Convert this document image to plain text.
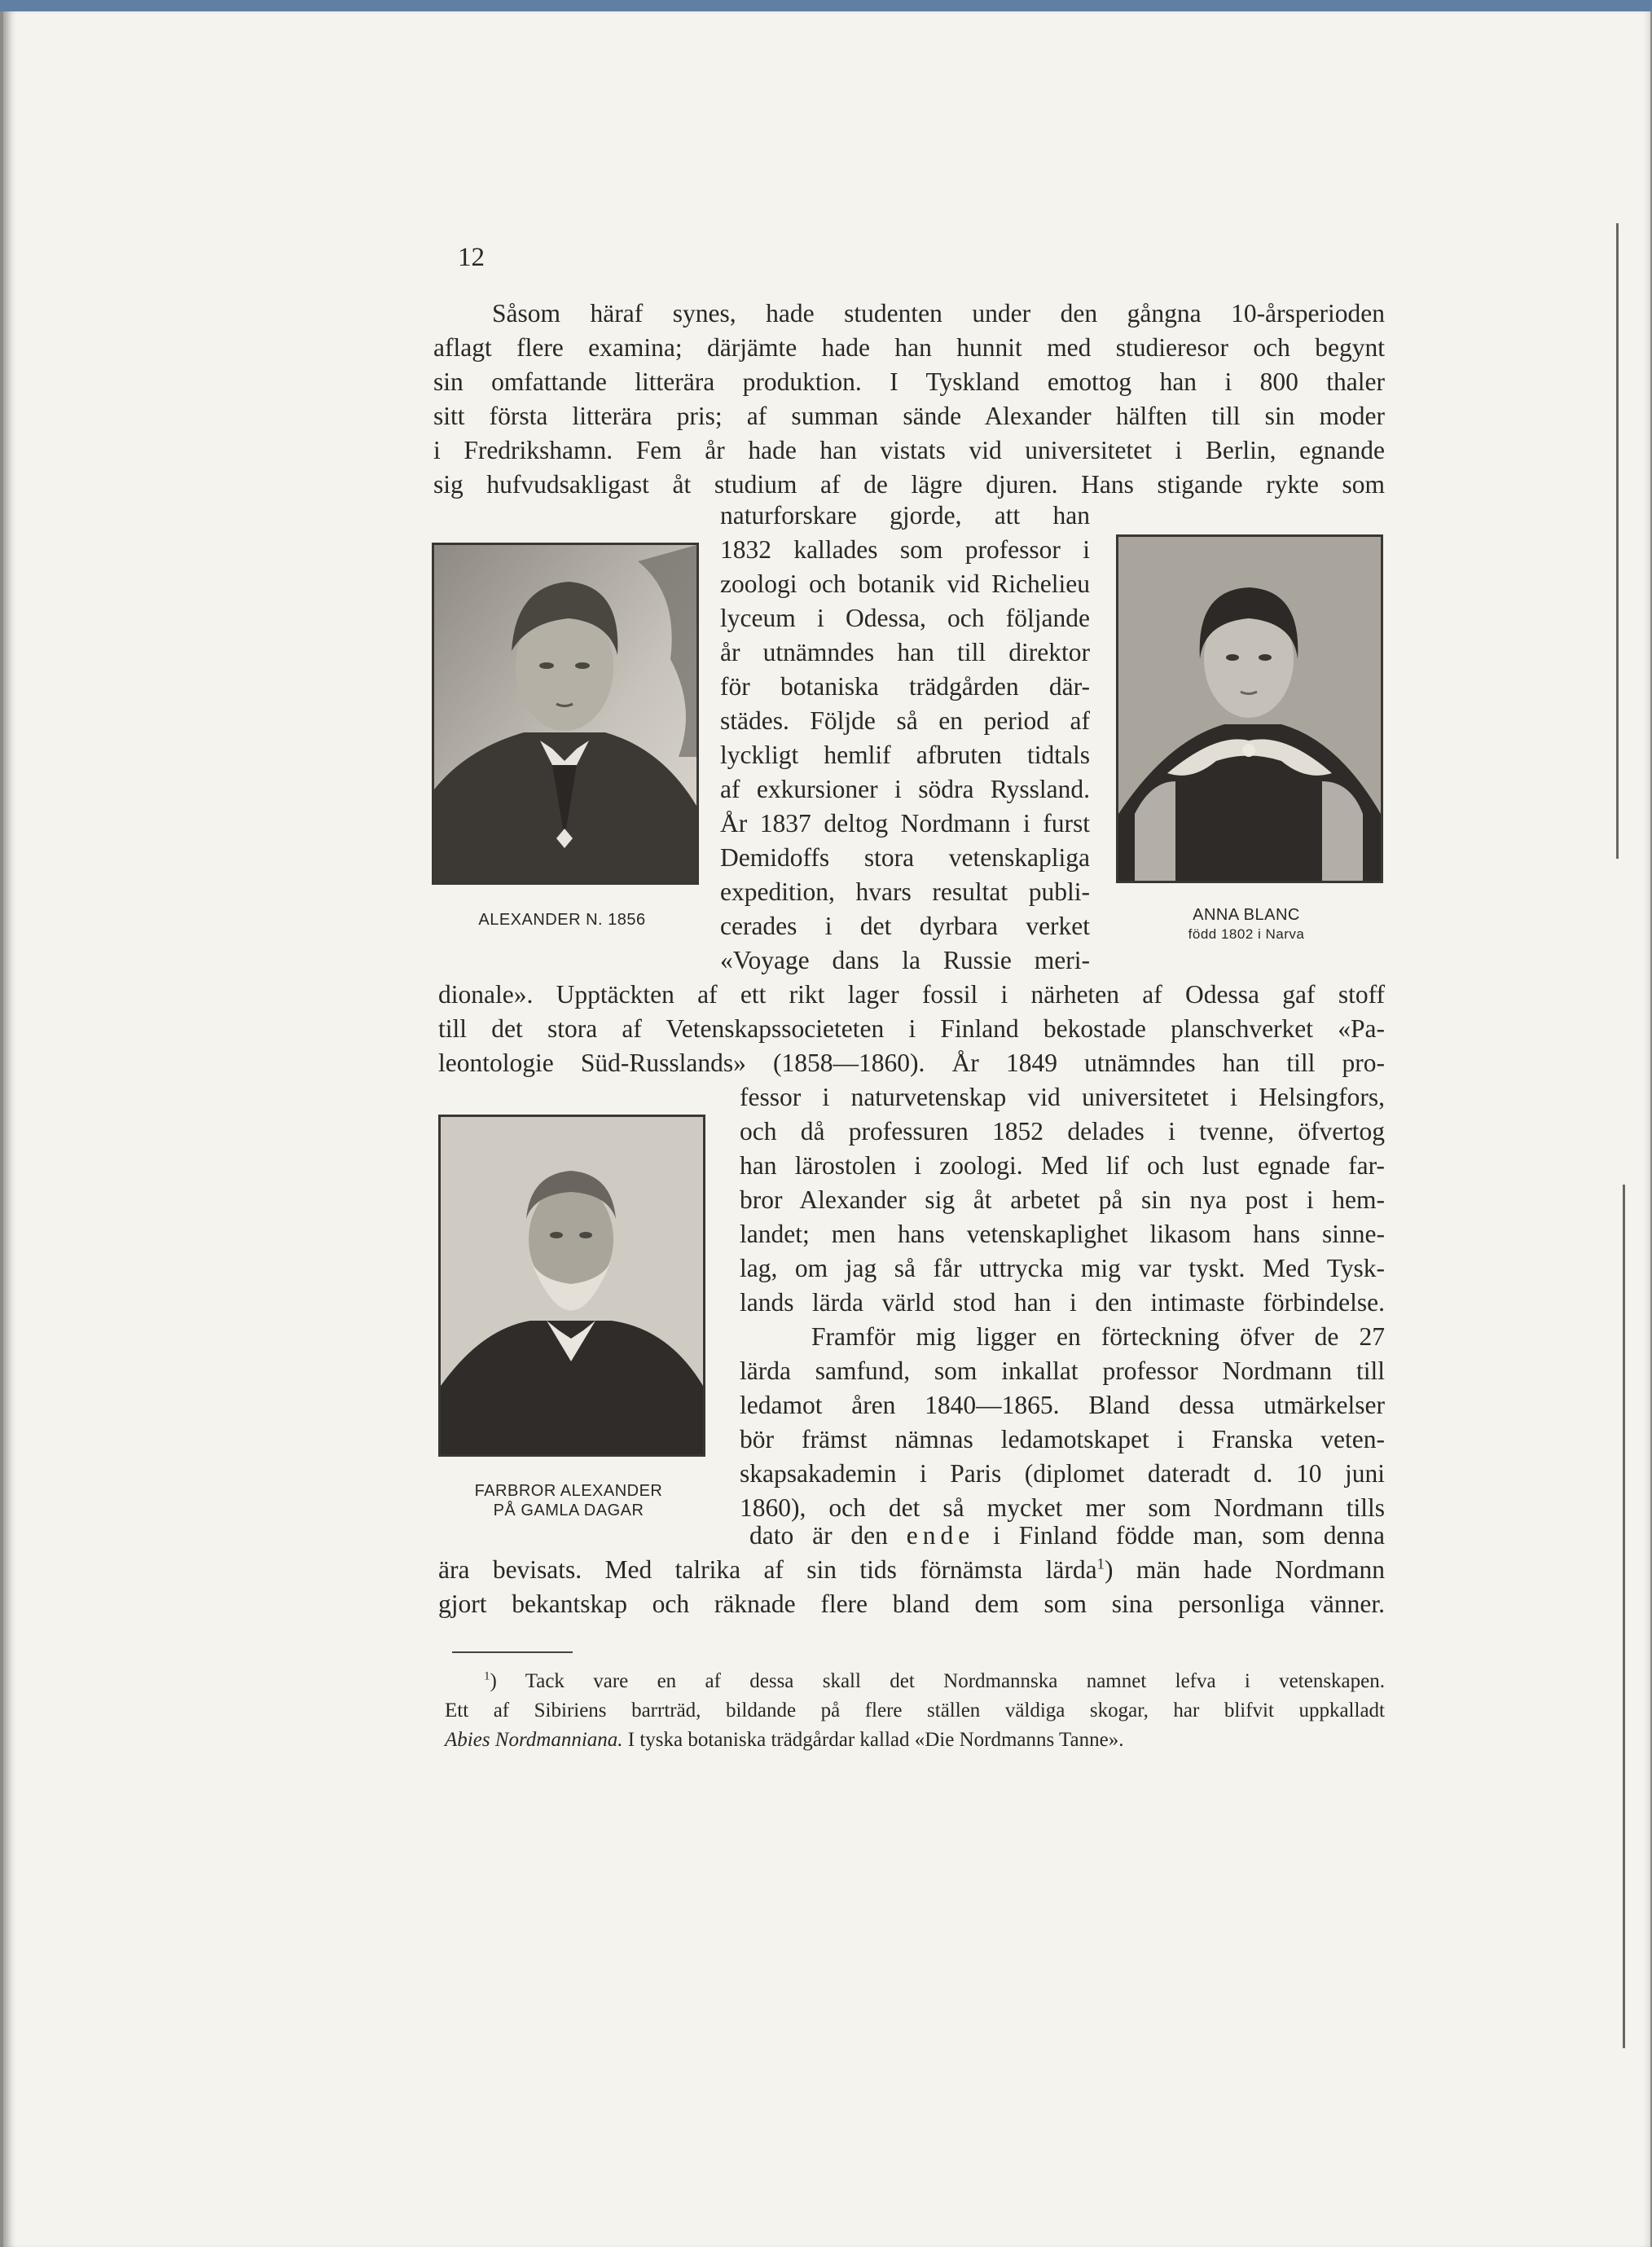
12
Såsom häraf synes, hade studenten under den gångna 10-årsperioden
aflagt flere examina; därjämte hade han hunnit med studieresor och begynt
sin omfattande litterära produktion. I Tyskland emottog han i 800 thaler
sitt första litterära pris; af summan sände Alexander hälften till sin moder
i Fredrikshamn. Fem år hade han vistats vid universitetet i Berlin, egnande
sig hufvudsakligast åt studium af de lägre djuren. Hans stigande rykte som
naturforskare gjorde, att han
1832 kallades som professor i
zoologi och botanik vid Richelieu
lyceum i Odessa, och följande
år utnämndes han till direktor
för botaniska trädgården där-
städes. Följde så en period af
lyckligt hemlif afbruten tidtals
af exkursioner i södra Ryssland.
År 1837 deltog Nordmann i furst
Demidoffs stora vetenskapliga
expedition, hvars resultat publi-
cerades i det dyrbara verket
«Voyage dans la Russie meri-
dionale». Upptäckten af ett rikt lager fossil i närheten af Odessa gaf stoff
till det stora af Vetenskapssocieteten i Finland bekostade planschverket «Pa-
leontologie Süd-Russlands» (1858—1860). År 1849 utnämndes han till pro-
fessor i naturvetenskap vid universitetet i Helsingfors,
och då professuren 1852 delades i tvenne, öfvertog
han lärostolen i zoologi. Med lif och lust egnade far-
bror Alexander sig åt arbetet på sin nya post i hem-
landet; men hans vetenskaplighet likasom hans sinne-
lag, om jag så får uttrycka mig var tyskt. Med Tysk-
lands lärda värld stod han i den intimaste förbindelse.
Framför mig ligger en förteckning öfver de 27
lärda samfund, som inkallat professor Nordmann till
ledamot åren 1840—1865. Bland dessa utmärkelser
bör främst nämnas ledamotskapet i Franska veten-
skapsakademin i Paris (diplomet dateradt d. 10 juni
1860), och det så mycket mer som Nordmann tills
dato är den ende i Finland födde man, som denna
ära bevisats. Med talrika af sin tids förnämsta lärda$^1$) män hade Nordmann
gjort bekantskap och räknade flere bland dem som sina personliga vänner.
ALEXANDER N. 1856	ANNA BLANC
född 1802 i Narva
FARBROR ALEXANDER
PÅ GAMLA DAGAR
$^1$) Tack vare en af dessa skall det Nordmannska namnet lefva i vetenskapen.
Ett af Sibiriens barrträd, bildande på flere ställen väldiga skogar, har blifvit uppkalladt
Abies Nordmanniana. I tyska botaniska trädgårdar kallad «Die Nordmanns Tanne».
